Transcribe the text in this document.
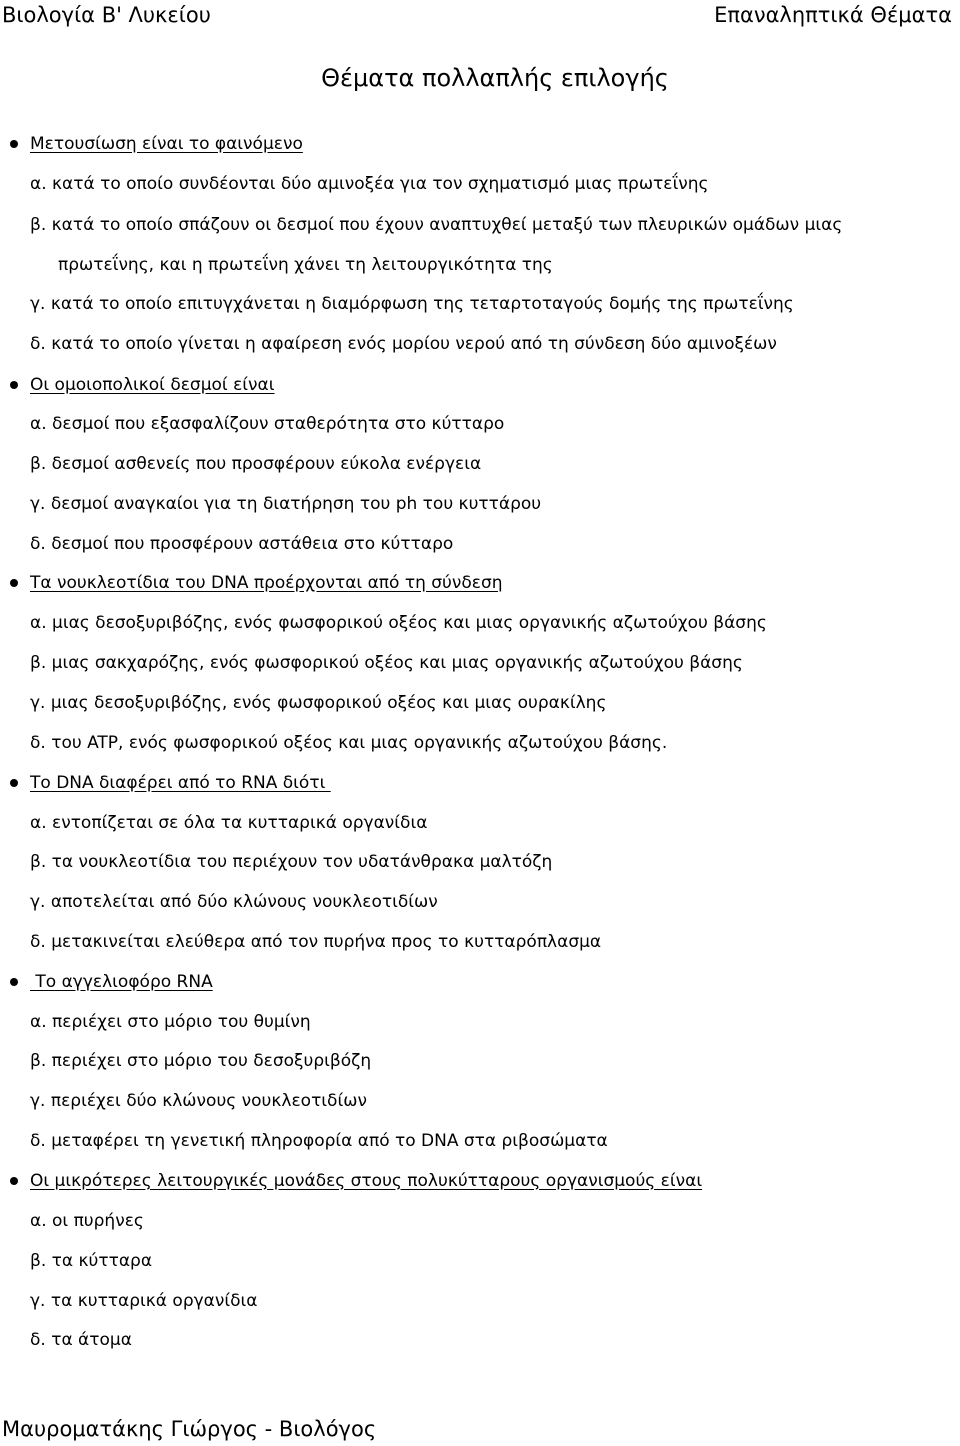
Βιολογία Β' Λυκείου	Επαναληπτικά Θέματα
Θέματα πολλαπλής επιλογής
Μετουσίωση είναι το φαινόμενο
α. κατά το οποίο συνδέονται δύο αμινοξέα για τον σχηματισμό μιας πρωτεΐνης
β. κατά το οποίο σπάζουν οι δεσμοί που έχουν αναπτυχθεί μεταξύ των πλευρικών ομάδων μιας
πρωτεΐνης, και η πρωτεΐνη χάνει τη λειτουργικότητα της
γ. κατά το οποίο επιτυγχάνεται η διαμόρφωση της τεταρτοταγούς δομής της πρωτεΐνης
δ. κατά το οποίο γίνεται η αφαίρεση ενός μορίου νερού από τη σύνδεση δύο αμινοξέων
Οι ομοιοπολικοί δεσμοί είναι
α. δεσμοί που εξασφαλίζουν σταθερότητα στο κύτταρο
β. δεσμοί ασθενείς που προσφέρουν εύκολα ενέργεια
γ. δεσμοί αναγκαίοι για τη διατήρηση του ph του κυττάρου
δ. δεσμοί που προσφέρουν αστάθεια στο κύτταρο
Τα νουκλεοτίδια του DNA προέρχονται από τη σύνδεση
α. μιας δεσοξυριβόζης, ενός φωσφορικού οξέος και μιας οργανικής αζωτούχου βάσης
β. μιας σακχαρόζης, ενός φωσφορικού οξέος και μιας οργανικής αζωτούχου βάσης
γ. μιας δεσοξυριβόζης, ενός φωσφορικού οξέος και μιας ουρακίλης
δ. του ATP, ενός φωσφορικού οξέος και μιας οργανικής αζωτούχου βάσης.
Το DNA διαφέρει από το RNA διότι
α. εντοπίζεται σε όλα τα κυτταρικά οργανίδια
β. τα νουκλεοτίδια του περιέχουν τον υδατάνθρακα μαλτόζη
γ. αποτελείται από δύο κλώνους νουκλεοτιδίων
δ. μετακινείται ελεύθερα από τον πυρήνα προς το κυτταρόπλασμα
Το αγγελιοφόρο RNA
α. περιέχει στο μόριο του θυμίνη
β. περιέχει στο μόριο του δεσοξυριβόζη
γ. περιέχει δύο κλώνους νουκλεοτιδίων
δ. μεταφέρει τη γενετική πληροφορία από το DNA στα ριβοσώματα
Οι μικρότερες λειτουργικές μονάδες στους πολυκύτταρους οργανισμούς είναι
α. οι πυρήνες
β. τα κύτταρα
γ. τα κυτταρικά οργανίδια
δ. τα άτομα
Μαυροματάκης Γιώργος - Βιολόγος
